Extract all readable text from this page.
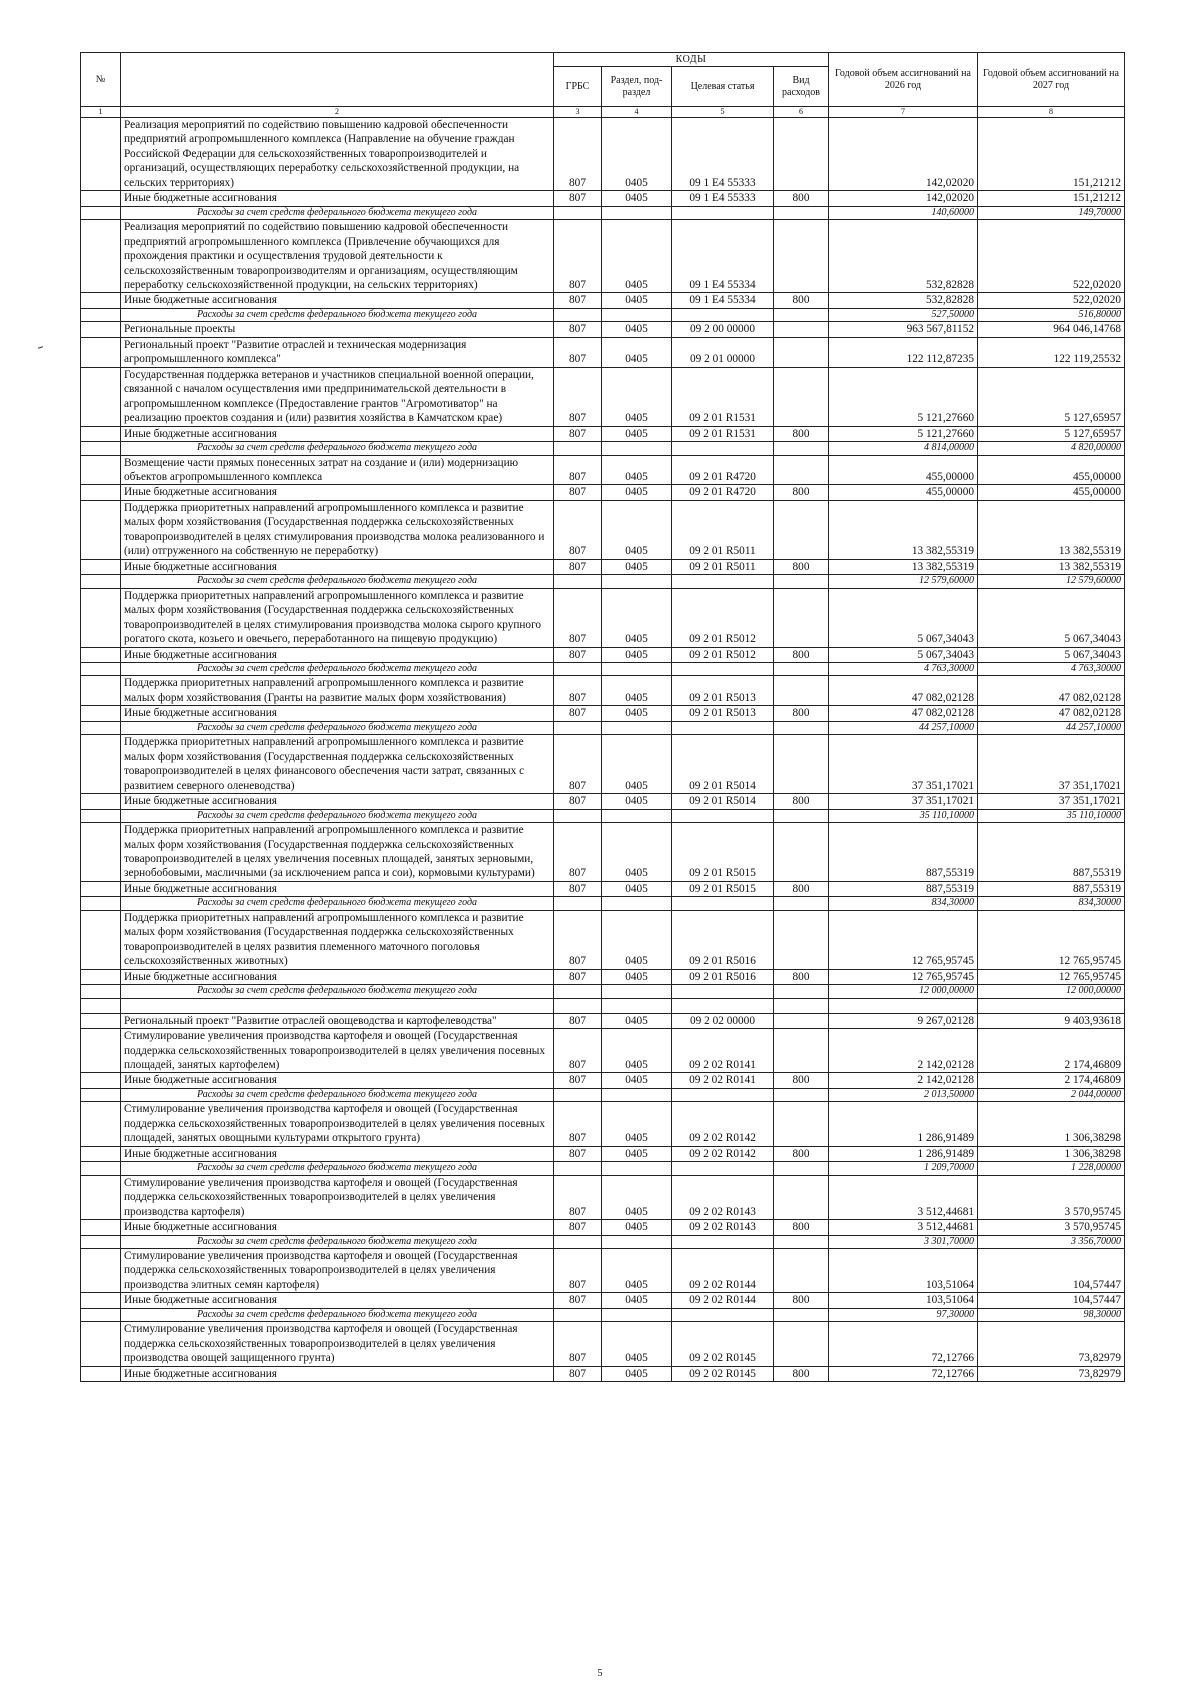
№		КОДЫ				Годовой объем ассигнований на 2026 год	Годовой объем ассигнований на 2027 год
		ГРБС	Раздел, под-раздел	Целевая статья	Вид расходов		
1	2	3	4	5	6	7	8
	Реализация мероприятий по содействию повышению кадровой обеспеченности предприятий агропромышленного комплекса (Направление на обучение граждан Российской Федерации для сельскохозяйственных товаропроизводителей и организаций, осуществляющих переработку сельскохозяйственной продукции, на сельских территориях)	807	0405	09 1 Е4 55333		142,02020	151,21212
	Иные бюджетные ассигнования	807	0405	09 1 Е4 55333	800	142,02020	151,21212
	Расходы за счет средств федерального бюджета текущего года					140,60000	149,70000
	Реализация мероприятий по содействию повышению кадровой обеспеченности предприятий агропромышленного комплекса (Привлечение обучающихся для прохождения практики и осуществления трудовой деятельности к сельскохозяйственным товаропроизводителям и организациям, осуществляющим переработку сельскохозяйственной продукции, на сельских территориях)	807	0405	09 1 Е4 55334		532,82828	522,02020
	Иные бюджетные ассигнования	807	0405	09 1 Е4 55334	800	532,82828	522,02020
	Расходы за счет средств федерального бюджета текущего года					527,50000	516,80000
	Региональные проекты	807	0405	09 2 00 00000		963 567,81152	964 046,14768
	Региональный проект "Развитие отраслей и техническая модернизация агропромышленного комплекса"	807	0405	09 2 01 00000		122 112,87235	122 119,25532
	Государственная поддержка ветеранов и участников специальной военной операции, связанной с началом осуществления ими предпринимательской деятельности в агропромышленном комплексе (Предоставление грантов "Агромотиватор" на реализацию проектов создания и (или) развития хозяйства в Камчатском крае)	807	0405	09 2 01 R1531		5 121,27660	5 127,65957
	Иные бюджетные ассигнования	807	0405	09 2 01 R1531	800	5 121,27660	5 127,65957
	Расходы за счет средств федерального бюджета текущего года					4 814,00000	4 820,00000
	Возмещение части прямых понесенных затрат на создание и (или) модернизацию объектов агропромышленного комплекса	807	0405	09 2 01 R4720		455,00000	455,00000
	Иные бюджетные ассигнования	807	0405	09 2 01 R4720	800	455,00000	455,00000
	Поддержка приоритетных направлений агропромышленного комплекса и развитие малых форм хозяйствования (Государственная поддержка сельскохозяйственных товаропроизводителей в целях стимулирования производства молока реализованного и (или) отгруженного на собственную не переработку)	807	0405	09 2 01 R5011		13 382,55319	13 382,55319
	Иные бюджетные ассигнования	807	0405	09 2 01 R5011	800	13 382,55319	13 382,55319
	Расходы за счет средств федерального бюджета текущего года					12 579,60000	12 579,60000
	Поддержка приоритетных направлений агропромышленного комплекса и развитие малых форм хозяйствования (Государственная поддержка сельскохозяйственных товаропроизводителей в целях стимулирования производства молока сырого крупного рогатого скота, козьего и овечьего, переработанного на пищевую продукцию)	807	0405	09 2 01 R5012		5 067,34043	5 067,34043
	Иные бюджетные ассигнования	807	0405	09 2 01 R5012	800	5 067,34043	5 067,34043
	Расходы за счет средств федерального бюджета текущего года					4 763,30000	4 763,30000
	Поддержка приоритетных направлений агропромышленного комплекса и развитие малых форм хозяйствования (Гранты на развитие малых форм хозяйствования)	807	0405	09 2 01 R5013		47 082,02128	47 082,02128
	Иные бюджетные ассигнования	807	0405	09 2 01 R5013	800	47 082,02128	47 082,02128
	Расходы за счет средств федерального бюджета текущего года					44 257,10000	44 257,10000
	Поддержка приоритетных направлений агропромышленного комплекса и развитие малых форм хозяйствования (Государственная поддержка сельскохозяйственных товаропроизводителей в целях финансового обеспечения части затрат, связанных с развитием северного оленеводства)	807	0405	09 2 01 R5014		37 351,17021	37 351,17021
	Иные бюджетные ассигнования	807	0405	09 2 01 R5014	800	37 351,17021	37 351,17021
	Расходы за счет средств федерального бюджета текущего года					35 110,10000	35 110,10000
	Поддержка приоритетных направлений агропромышленного комплекса и развитие малых форм хозяйствования (Государственная поддержка сельскохозяйственных товаропроизводителей в целях увеличения посевных площадей, занятых зерновыми, зернобобовыми, масличными (за исключением рапса и сои), кормовыми культурами)	807	0405	09 2 01 R5015		887,55319	887,55319
	Иные бюджетные ассигнования	807	0405	09 2 01 R5015	800	887,55319	887,55319
	Расходы за счет средств федерального бюджета текущего года					834,30000	834,30000
	Поддержка приоритетных направлений агропромышленного комплекса и развитие малых форм хозяйствования (Государственная поддержка сельскохозяйственных товаропроизводителей в целях развития племенного маточного поголовья сельскохозяйственных животных)	807	0405	09 2 01 R5016		12 765,95745	12 765,95745
	Иные бюджетные ассигнования	807	0405	09 2 01 R5016	800	12 765,95745	12 765,95745
	Расходы за счет средств федерального бюджета текущего года					12 000,00000	12 000,00000

	Региональный проект "Развитие отраслей овощеводства и картофелеводства"	807	0405	09 2 02 00000		9 267,02128	9 403,93618
	Стимулирование увеличения производства картофеля и овощей (Государственная поддержка сельскохозяйственных товаропроизводителей в целях увеличения посевных площадей, занятых картофелем)	807	0405	09 2 02 R0141		2 142,02128	2 174,46809
	Иные бюджетные ассигнования	807	0405	09 2 02 R0141	800	2 142,02128	2 174,46809
	Расходы за счет средств федерального бюджета текущего года					2 013,50000	2 044,00000
	Стимулирование увеличения производства картофеля и овощей (Государственная поддержка сельскохозяйственных товаропроизводителей в целях увеличения посевных площадей, занятых овощными культурами открытого грунта)	807	0405	09 2 02 R0142		1 286,91489	1 306,38298
	Иные бюджетные ассигнования	807	0405	09 2 02 R0142	800	1 286,91489	1 306,38298
	Расходы за счет средств федерального бюджета текущего года					1 209,70000	1 228,00000
	Стимулирование увеличения производства картофеля и овощей (Государственная поддержка сельскохозяйственных товаропроизводителей в целях увеличения производства картофеля)	807	0405	09 2 02 R0143		3 512,44681	3 570,95745
	Иные бюджетные ассигнования	807	0405	09 2 02 R0143	800	3 512,44681	3 570,95745
	Расходы за счет средств федерального бюджета текущего года					3 301,70000	3 356,70000
	Стимулирование увеличения производства картофеля и овощей (Государственная поддержка сельскохозяйственных товаропроизводителей в целях увеличения производства элитных семян картофеля)	807	0405	09 2 02 R0144		103,51064	104,57447
	Иные бюджетные ассигнования	807	0405	09 2 02 R0144	800	103,51064	104,57447
	Расходы за счет средств федерального бюджета текущего года					97,30000	98,30000
	Стимулирование увеличения производства картофеля и овощей (Государственная поддержка сельскохозяйственных товаропроизводителей в целях увеличения производства овощей защищенного грунта)	807	0405	09 2 02 R0145		72,12766	73,82979
	Иные бюджетные ассигнования	807	0405	09 2 02 R0145	800	72,12766	73,82979
5
